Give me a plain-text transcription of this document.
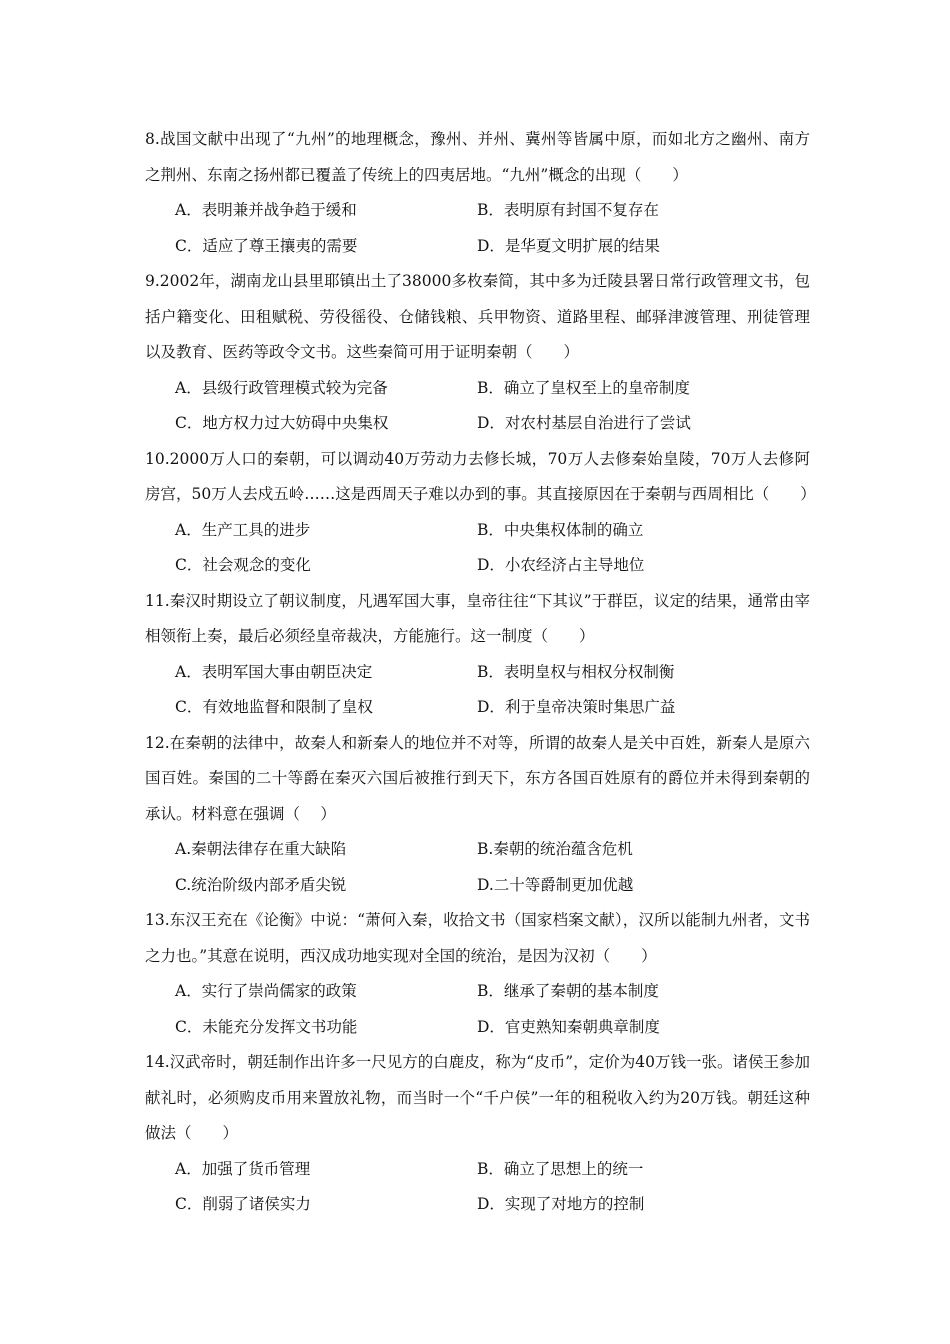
8.战国文献中出现了“九州”的地理概念，豫州、并州、冀州等皆属中原，而如北方之幽州、南方之荆州、东南之扬州都已覆盖了传统上的四夷居地。“九州”概念的出现（　　）

A．表明兼并战争趋于缓和	B．表明原有封国不复存在
C．适应了尊王攘夷的需要	D．是华夏文明扩展的结果

9.2002年，湖南龙山县里耶镇出土了38000多枚秦简，其中多为迁陵县署日常行政管理文书，包括户籍变化、田租赋税、劳役徭役、仓储钱粮、兵甲物资、道路里程、邮驿津渡管理、刑徒管理以及教育、医药等政令文书。这些秦简可用于证明秦朝（　　）

A．县级行政管理模式较为完备	B．确立了皇权至上的皇帝制度
C．地方权力过大妨碍中央集权	D．对农村基层自治进行了尝试

10.2000万人口的秦朝，可以调动40万劳动力去修长城，70万人去修秦始皇陵，70万人去修阿房宫，50万人去戍五岭……这是西周天子难以办到的事。其直接原因在于秦朝与西周相比（　　）

A．生产工具的进步	B．中央集权体制的确立
C．社会观念的变化	D．小农经济占主导地位

11.秦汉时期设立了朝议制度，凡遇军国大事，皇帝往往“下其议”于群臣，议定的结果，通常由宰相领衔上奏，最后必须经皇帝裁决，方能施行。这一制度（　　）

A．表明军国大事由朝臣决定	B．表明皇权与相权分权制衡
C．有效地监督和限制了皇权	D．利于皇帝决策时集思广益

12.在秦朝的法律中，故秦人和新秦人的地位并不对等，所谓的故秦人是关中百姓，新秦人是原六国百姓。秦国的二十等爵在秦灭六国后被推行到天下，东方各国百姓原有的爵位并未得到秦朝的承认。材料意在强调（　 ）

A.秦朝法律存在重大缺陷	B.秦朝的统治蕴含危机
C.统治阶级内部矛盾尖锐	D.二十等爵制更加优越

13.东汉王充在《论衡》中说：“萧何入秦，收拾文书（国家档案文献），汉所以能制九州者，文书之力也。”其意在说明，西汉成功地实现对全国的统治，是因为汉初（　　）

A．实行了崇尚儒家的政策	B．继承了秦朝的基本制度
C．未能充分发挥文书功能	D．官吏熟知秦朝典章制度

14.汉武帝时，朝廷制作出许多一尺见方的白鹿皮，称为“皮币”，定价为40万钱一张。诸侯王参加献礼时，必须购皮币用来置放礼物，而当时一个“千户侯”一年的租税收入约为20万钱。朝廷这种做法（　　）

A．加强了货币管理	B．确立了思想上的统一
C．削弱了诸侯实力	D．实现了对地方的控制
